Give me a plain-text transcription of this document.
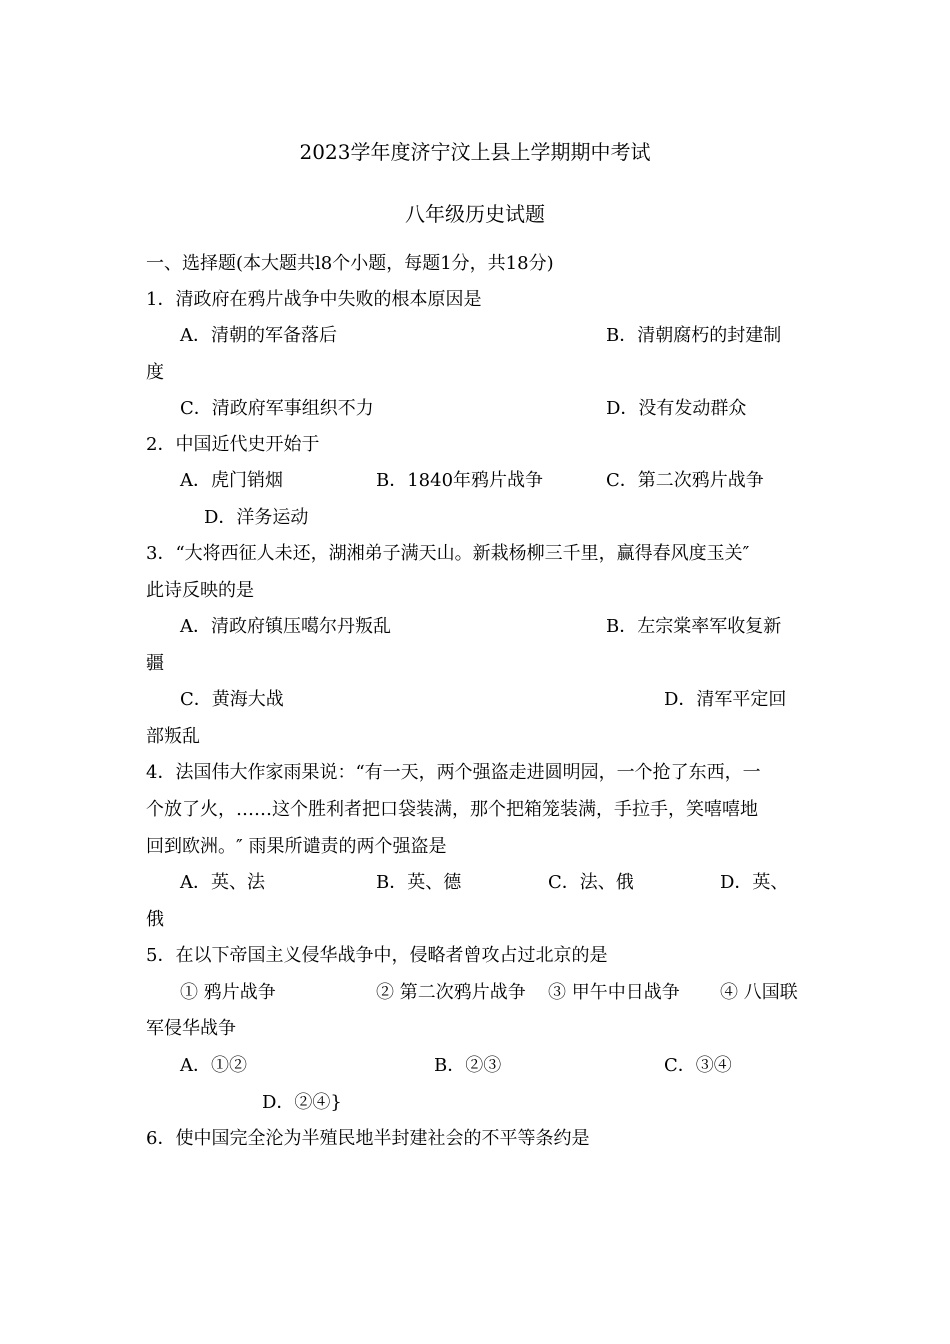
2023学年度济宁汶上县上学期期中考试
八年级历史试题
一、选择题(本大题共l8个小题，每题1分，共18分)
1．清政府在鸦片战争中失败的根本原因是
A．清朝的军备落后	B．清朝腐朽的封建制
度
C．清政府军事组织不力	D．没有发动群众
2．中国近代史开始于
A．虎门销烟	B．1840年鸦片战争	C．第二次鸦片战争
D．洋务运动
3．“大将西征人未还，湖湘弟子满天山。新栽杨柳三千里，赢得春风度玉关″
此诗反映的是
A．清政府镇压噶尔丹叛乱	B．左宗棠率军收复新
疆
C．黄海大战	D．清军平定回
部叛乱
4．法国伟大作家雨果说：“有一天，两个强盗走进圆明园，一个抢了东西，一
个放了火，……这个胜利者把口袋装满，那个把箱笼装满，手拉手，笑嘻嘻地
回到欧洲。″ 雨果所谴责的两个强盗是
A．英、法	B．英、德	C．法、俄	D．英、
俄
5．在以下帝国主义侵华战争中，侵略者曾攻占过北京的是
① 鸦片战争	② 第二次鸦片战争 ③ 甲午中日战争 ④ 八国联
军侵华战争
A．①②	B．②③	C．③④
D．②④}
6．使中国完全沦为半殖民地半封建社会的不平等条约是
